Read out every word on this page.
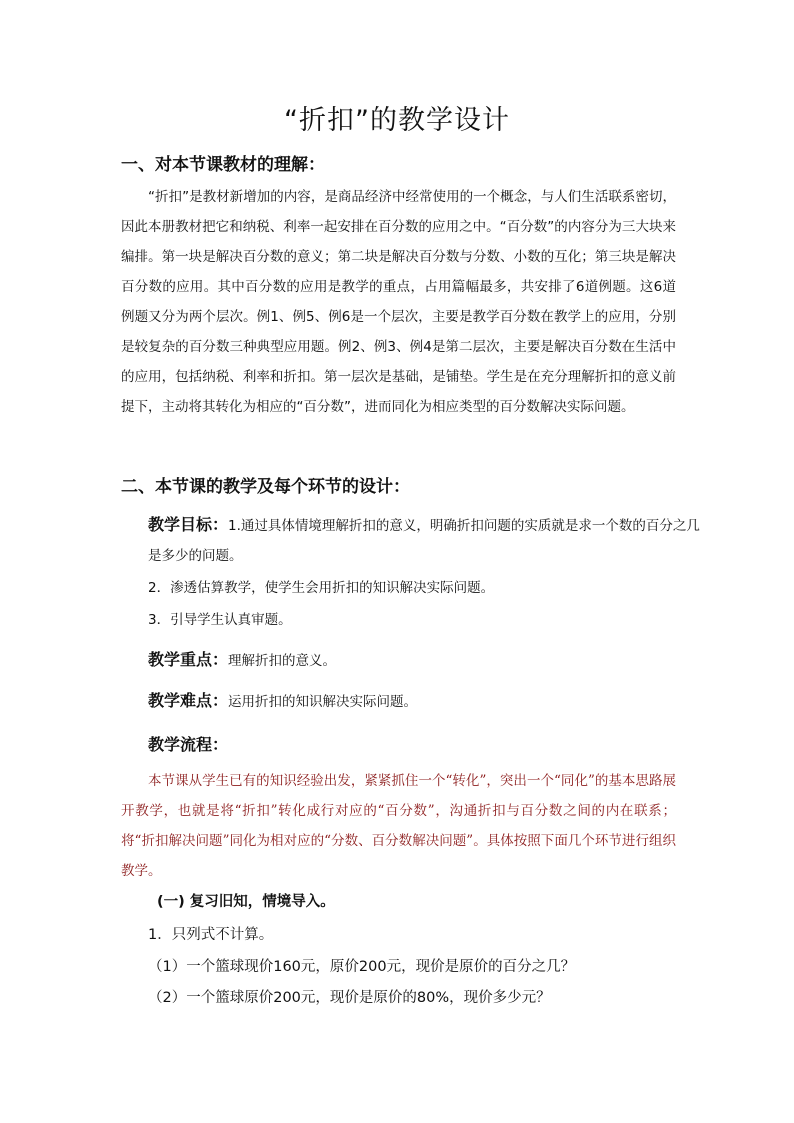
“折扣”的教学设计
一、对本节课教材的理解：

“折扣”是教材新增加的内容，是商品经济中经常使用的一个概念，与人们生活联系密切，因此本册教材把它和纳税、利率一起安排在百分数的应用之中。“百分数”的内容分为三大块来编排。第一块是解决百分数的意义；第二块是解决百分数与分数、小数的互化；第三块是解决百分数的应用。其中百分数的应用是教学的重点，占用篇幅最多，共安排了6道例题。这6道例题又分为两个层次。例1、例5、例6是一个层次，主要是教学百分数在教学上的应用，分别是较复杂的百分数三种典型应用题。例2、例3、例4是第二层次，主要是解决百分数在生活中的应用，包括纳税、利率和折扣。第一层次是基础，是铺垫。学生是在充分理解折扣的意义前提下，主动将其转化为相应的“百分数”，进而同化为相应类型的百分数解决实际问题。

二、本节课的教学及每个环节的设计：

教学目标：1.通过具体情境理解折扣的意义，明确折扣问题的实质就是求一个数的百分之几是多少的问题。

2．渗透估算教学，使学生会用折扣的知识解决实际问题。

3．引导学生认真审题。

教学重点：理解折扣的意义。

教学难点：运用折扣的知识解决实际问题。

教学流程：

本节课从学生已有的知识经验出发，紧紧抓住一个“转化”，突出一个“同化”的基本思路展开教学，也就是将“折扣”转化成行对应的“百分数”，沟通折扣与百分数之间的内在联系；将“折扣解决问题”同化为相对应的“分数、百分数解决问题”。具体按照下面几个环节进行组织教学。

(一) 复习旧知，情境导入。

1．只列式不计算。

（1）一个篮球现价160元，原价200元，现价是原价的百分之几？

（2）一个篮球原价200元，现价是原价的80%，现价多少元？
